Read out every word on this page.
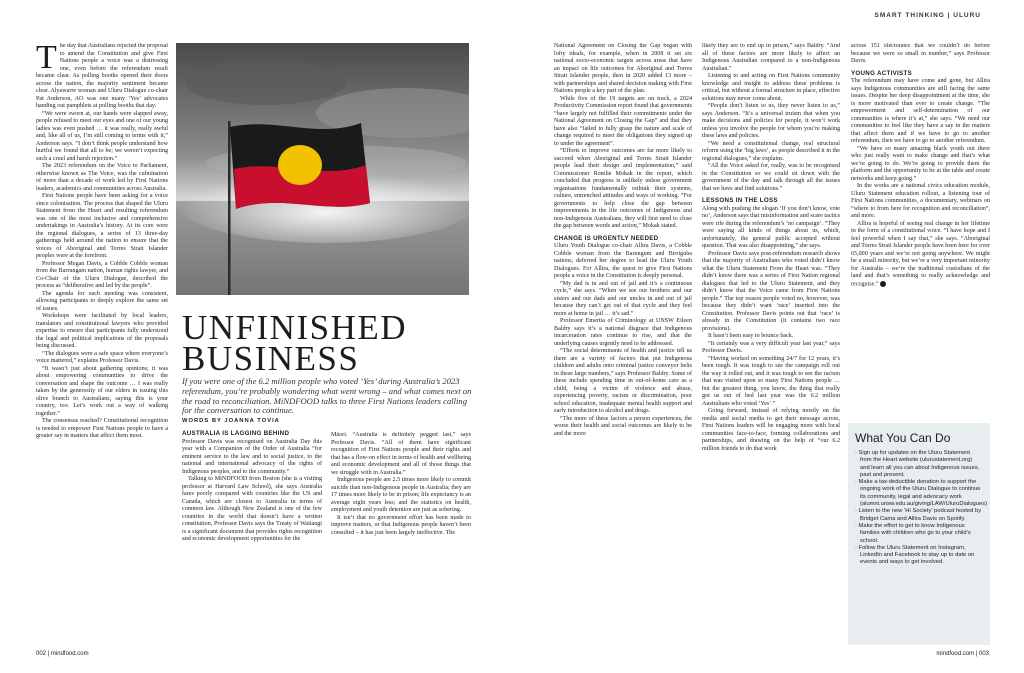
SMART THINKING | ULURU

The day that Australians rejected the proposal to amend the Constitution and give First Nations people a voice was a distressing one, even before the referendum result became clear. As polling booths opened their doors across the nation, the majority sentiment became clear. Alyawarre woman and Uluru Dialogue co-chair Pat Anderson, AO was one many ‘Yes’ advocates handing out pamphlets at polling booths that day.

“We were sworn at, our hands were slapped away, people refused to meet our eyes and one of our young ladies was even pushed … it was really, really awful and, like all of us, I’m still coming to terms with it,” Anderson says. “I don’t think people understand how hurtful we found that all to be; we weren’t expecting such a cruel and harsh rejection.”

The 2023 referendum on the Voice to Parliament, otherwise known as The Voice, was the culmination of more than a decade of work led by First Nations leaders, academics and communities across Australia.

First Nations people have been asking for a voice since colonisation. The process that shaped the Uluru Statement from the Heart and resulting referendum was one of the most inclusive and comprehensive undertakings in Australia’s history. At its core were the regional dialogues, a series of 13 three-day gatherings held around the nation to ensure that the voices of Aboriginal and Torres Strait Islander peoples were at the forefront.

Professor Megan Davis, a Cobble Cobble woman from the Barrungam nation, human rights lawyer, and Co-Chair of the Uluru Dialogue, described the process as “deliberative and led by the people”.

The agenda for each meeting was consistent, allowing participants to deeply explore the same set of issues.

Workshops were facilitated by local leaders, translators and constitutional lawyers who provided expertise to ensure that participants fully understood the legal and political implications of the proposals being discussed.

“The dialogues were a safe space where everyone’s voice mattered,” explains Professor Davis.

“It wasn’t just about gathering opinions; it was about empowering communities to drive the conversation and shape the outcome … I was really taken by the generosity of our elders in issuing this olive branch to Australians, saying this is your country, too. Let’s work out a way of walking together.”

The consensus reached? Constitutional recognition is needed to empower First Nations people to have a greater say in matters that affect them most.

UNFINISHED
BUSINESS
If you were one of the 6.2 million people who voted ‘Yes’ during Australia’s 2023 referendum, you’re probably wondering what went wrong – and what comes next on the road to reconciliation. MiNDFOOD talks to three First Nations leaders calling for the conversation to continue.
WORDS BY JOANNA TOVIA
AUSTRALIA IS LAGGING BEHIND

Professor Davis was recognised on Australia Day this year with a Companion of the Order of Australia “for eminent service to the law and to social justice, to the national and international advocacy of the rights of Indigenous peoples, and to the community.”

Talking to MiNDFOOD from Boston (she is a visiting professor at Harvard Law School), she says Australia fares poorly compared with countries like the US and Canada, which are closest to Australia in terms of common law. Although New Zealand is one of the few countries in the world that doesn’t have a written constitution, Professor Davis says the Treaty of Waitangi is a significant document that provides rights recognition and economic development opportunities for the

Māori. “Australia is definitely pegged last,” says Professor Davis. “All of them have significant recognition of First Nations people and their rights and that has a flow-on effect in terms of health and wellbeing and economic development and all of those things that we struggle with in Australia.”

Indigenous people are 2.5 times more likely to commit suicide than non-Indigenous people in Australia; they are 17 times more likely to be in prison; life expectancy is an average eight years less; and the statistics on health, employment and youth detention are just as sobering.

It isn’t that no government effort has been made to improve matters, or that Indigenous people haven’t been consulted – it has just been largely ineffective. The

National Agreement on Closing the Gap began with lofty ideals, for example, when in 2008 it set six national socio-economic targets across areas that have an impact on life outcomes for Aboriginal and Torres Strait Islander people, then in 2020 added 13 more – with partnerships and shared decision making with First Nations people a key part of the plan.

While five of the 19 targets are on track, a 2024 Productivity Commission report found that governments “have largely not fulfilled their commitments under the National Agreement on Closing the Gap” and that they have also “failed to fully grasp the nature and scale of change required to meet the obligations they signed up to under the agreement”.

“Efforts to improve outcomes are far more likely to succeed when Aboriginal and Torres Strait Islander people lead their design and implementation,” said Commissioner Romlie Mokak in the report, which concluded that progress is unlikely unless government organisations fundamentally rethink their systems, culture, entrenched attitudes and ways of working. “For governments to help close the gap between improvements in the life outcomes of Indigenous and non-Indigenous Australians, they will first need to close the gap between words and action,” Mokak stated.

CHANGE IS URGENTLY NEEDED

Uluru Youth Dialogue co-chair Allira Davis, a Cobble Cobble woman from the Barungum and Birriguba nations, deferred her degree to lead the Uluru Youth Dialogues. For Allira, the quest to give First Nations people a voice in the Constitution is deeply personal.

“My dad is in and out of jail and it’s a continuous cycle,” she says. “When we see our brothers and our sisters and our dads and our uncles in and out of jail because they can’t get out of that cycle and they feel more at home in jail … it’s sad.”

Professor Emerita of Criminology at UNSW Eileen Baldry says it’s a national disgrace that Indigenous incarceration rates continue to rise, and that the underlying causes urgently need to be addressed.

“The social determinants of health and justice tell us there are a variety of factors that put Indigenous children and adults onto criminal justice conveyor belts in these large numbers,” says Professor Baldry. Some of these include spending time in out-of-home care as a child, being a victim of violence and abuse, experiencing poverty, racism or discrimination, poor school education, inadequate mental health support and early introduction to alcohol and drugs.

“The more of these factors a person experiences, the worse their health and social outcomes are likely to be and the more

likely they are to end up in prison,” says Baldry. “And all of these factors are more likely to affect an Indigenous Australian compared to a non-Indigenous Australian.”

Listening to and acting on First Nations community knowledge and insight to address these problems is critical, but without a formal structure in place, effective solutions may never come about.

“People don’t listen to us, they never listen to us,” says Anderson. “It’s a universal truism that when you make decisions and policies for people, it won’t work unless you involve the people for whom you’re making these laws and policies.

“We need a constitutional change, real structural reform using the ‘big laws’, as people described it in the regional dialogues,” she explains.

“All the Voice asked for, really, was to be recognised in the Constitution so we could sit down with the government of the day and talk through all the issues that we have and find solutions.”

LESSONS IN THE LOSS

Along with pushing the slogan ‘If you don’t know, vote no’, Anderson says that misinformation and scare tactics were rife during the referendum’s ‘no campaign’. “They were saying all kinds of things about us, which, unfortunately, the general public accepted without question. That was also disappointing,” she says.

Professor Davis says post-referendum research shows that the majority of Australians who voted didn’t know what the Uluru Statement From the Heart was. “They didn’t know there was a series of First Nation regional dialogues that led to the Uluru Statement, and they didn’t know that the Voice came from First Nations people.” The top reason people voted no, however, was because they didn’t want ‘race’ inserted into the Constitution. Professor Davis points out that ‘race’ is already in the Constitution (it contains two race provisions).

It hasn’t been easy to bounce back.

“It certainly was a very difficult year last year,” says Professor Davis.

“Having worked on something 24/7 for 12 years, it’s been tough. It was tough to see the campaign roll out the way it rolled out, and it was tough to see the racism that was visited upon so many First Nations people … but the greatest thing, you know, the thing that really got us out of bed last year was the 6.2 million Australians who voted ‘Yes’.”

Going forward, instead of relying mostly on the media and social media to get their message across, First Nations leaders will be engaging more with local communities face-to-face, forming collaborations and partnerships, and drawing on the help of “our 6.2 million friends to do that work

across 151 electorates that we couldn’t do before because we were so small in number,” says Professor Davis.

YOUNG ACTIVISTS

The referendum may have come and gone, but Allira says Indigenous communities are still facing the same issues. Despite her deep disappointment at the time, she is more motivated than ever to create change. “The empowerment and self-determination of our communities is where it’s at,” she says. “We need our communities to feel like they have a say in the matters that affect them and if we have to go to another referendum, then we have to go to another referendum.

“We have so many amazing black youth out there who just really want to make change and that’s what we’re going to do. We’re going to provide them the platform and the opportunity to be at the table and create networks and keep going.”

In the works are a national civics education module, Uluru Statement education rollout, a listening tour of First Nations communities, a documentary, webinars on “where to from here for recognition and reconciliation”, and more.

Allira is hopeful of seeing real change in her lifetime in the form of a constitutional voice. “I have hope and I feel powerful when I say that,” she says. “Aboriginal and Torres Strait Islander people have been here for over 65,000 years and we’re not going anywhere. We might be a small minority, but we’re a very important minority for Australia – we’re the traditional custodians of the land and that’s something to really acknowledge and recognise.”

What You Can Do
· Sign up for updates on the Uluru Statement from the Heart website (ulurustatement.org) and learn all you can about Indigenous issues, past and present.
· Make a tax-deductible donation to support the ongoing work of the Uluru Dialogue to continue its community, legal and advocacy work (alumni.unsw.edu.au/giving/LAW/UluruDialogues)
· Listen to the new ‘Hi Society’ podcast hosted by Bridget Cama and Allira Davis on Spotify.
· Make the effort to get to know Indigenous families with children who go to your child’s school.
· Follow the Uluru Statement on Instagram, LinkedIn and Facebook to stay up to date on events and ways to get involved.
002 | mindfood.com	mindfood.com | 003
